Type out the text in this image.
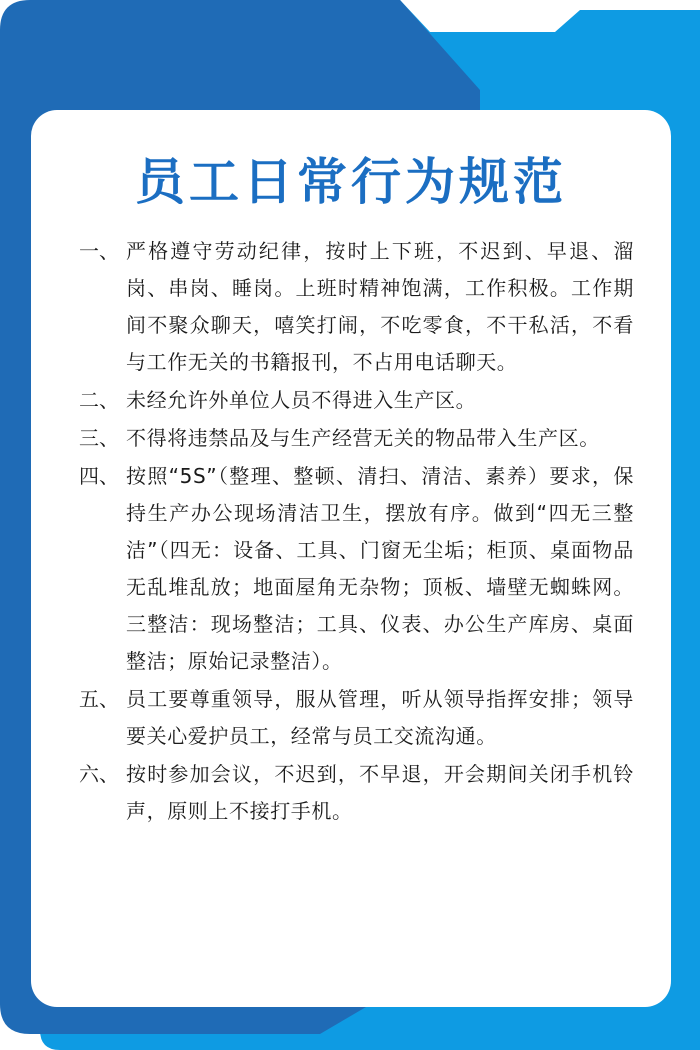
员工日常行为规范
一、 严格遵守劳动纪律，按时上下班，不迟到、早退、溜岗、串岗、睡岗。上班时精神饱满，工作积极。工作期间不聚众聊天，嘻笑打闹，不吃零食，不干私活，不看与工作无关的书籍报刊，不占用电话聊天。
二、 未经允许外单位人员不得进入生产区。
三、 不得将违禁品及与生产经营无关的物品带入生产区。
四、 按照“5S”（整理、整顿、清扫、清洁、素养）要求，保持生产办公现场清洁卫生，摆放有序。做到“四无三整洁”（四无：设备、工具、门窗无尘垢；柜顶、桌面物品无乱堆乱放；地面屋角无杂物；顶板、墙壁无蜘蛛网。三整洁：现场整洁；工具、仪表、办公生产库房、桌面整洁；原始记录整洁）。
五、 员工要尊重领导，服从管理，听从领导指挥安排；领导要关心爱护员工，经常与员工交流沟通。
六、 按时参加会议，不迟到，不早退，开会期间关闭手机铃声，原则上不接打手机。
